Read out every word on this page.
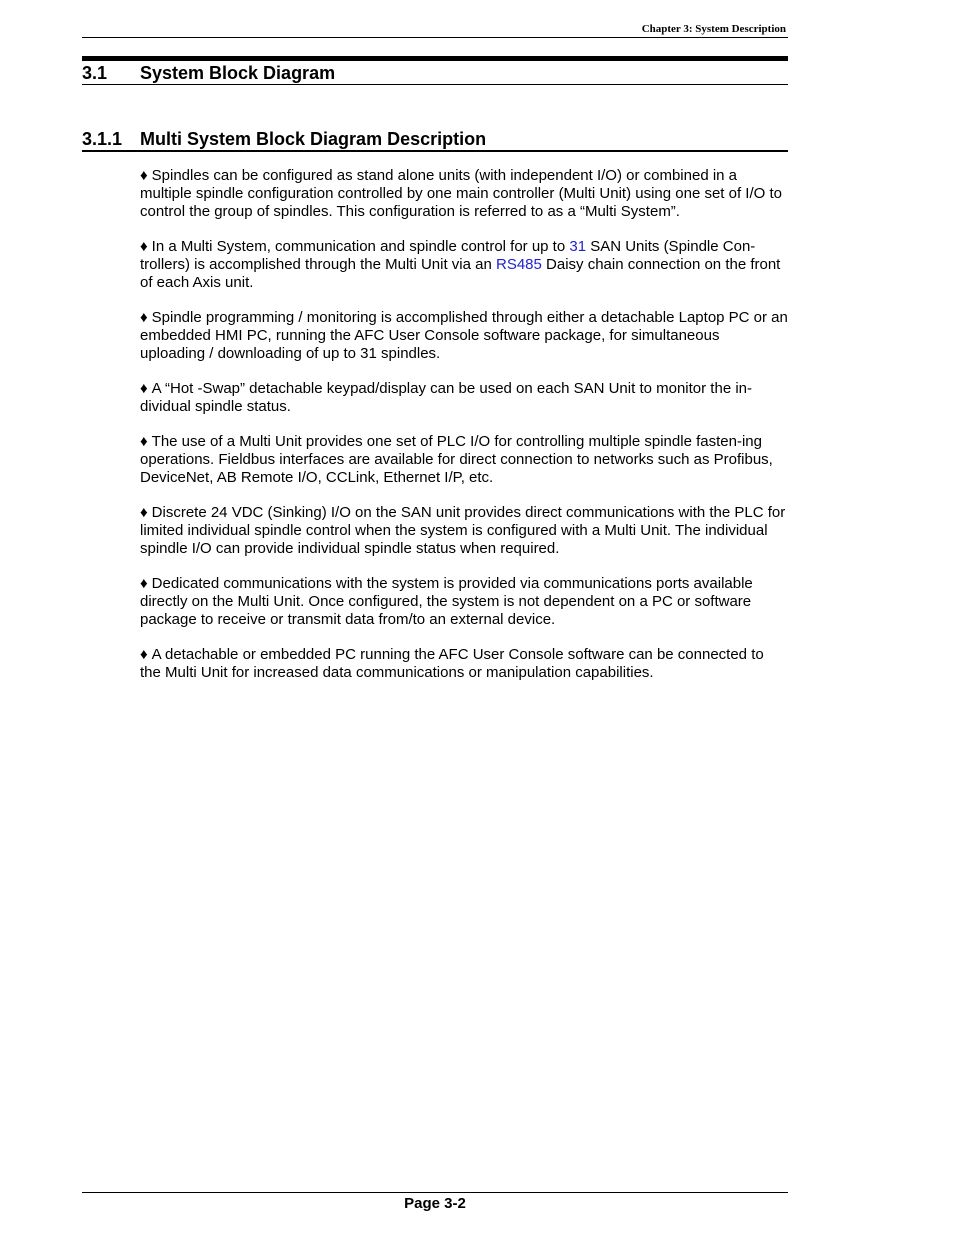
Chapter 3: System Description
3.1 System Block Diagram
3.1.1 Multi System Block Diagram Description

♦ Spindles can be configured as stand alone units (with independent I/O) or combined in a multiple spindle configuration controlled by one main controller (Multi Unit) using one set of I/O to control the group of spindles. This configuration is referred to as a “Multi System”.

♦ In a Multi System, communication and spindle control for up to 31 SAN Units (Spindle Con-trollers) is accomplished through the Multi Unit via an RS485 Daisy chain connection on the front of each Axis unit.

♦ Spindle programming / monitoring is accomplished through either a detachable Laptop PC or an embedded HMI PC, running the AFC User Console software package, for simultaneous uploading / downloading of up to 31 spindles.

♦ A “Hot -Swap” detachable keypad/display can be used on each SAN Unit to monitor the in-dividual spindle status.

♦ The use of a Multi Unit provides one set of PLC I/O for controlling multiple spindle fasten-ing operations. Fieldbus interfaces are available for direct connection to networks such as Profibus, DeviceNet, AB Remote I/O, CCLink, Ethernet I/P, etc.

♦ Discrete 24 VDC (Sinking) I/O on the SAN unit provides direct communications with the PLC for limited individual spindle control when the system is configured with a Multi Unit. The individual spindle I/O can provide individual spindle status when required.

♦ Dedicated communications with the system is provided via communications ports available directly on the Multi Unit. Once configured, the system is not dependent on a PC or software package to receive or transmit data from/to an external device.

♦ A detachable or embedded PC running the AFC User Console software can be connected to the Multi Unit for increased data communications or manipulation capabilities.

Page 3-2
